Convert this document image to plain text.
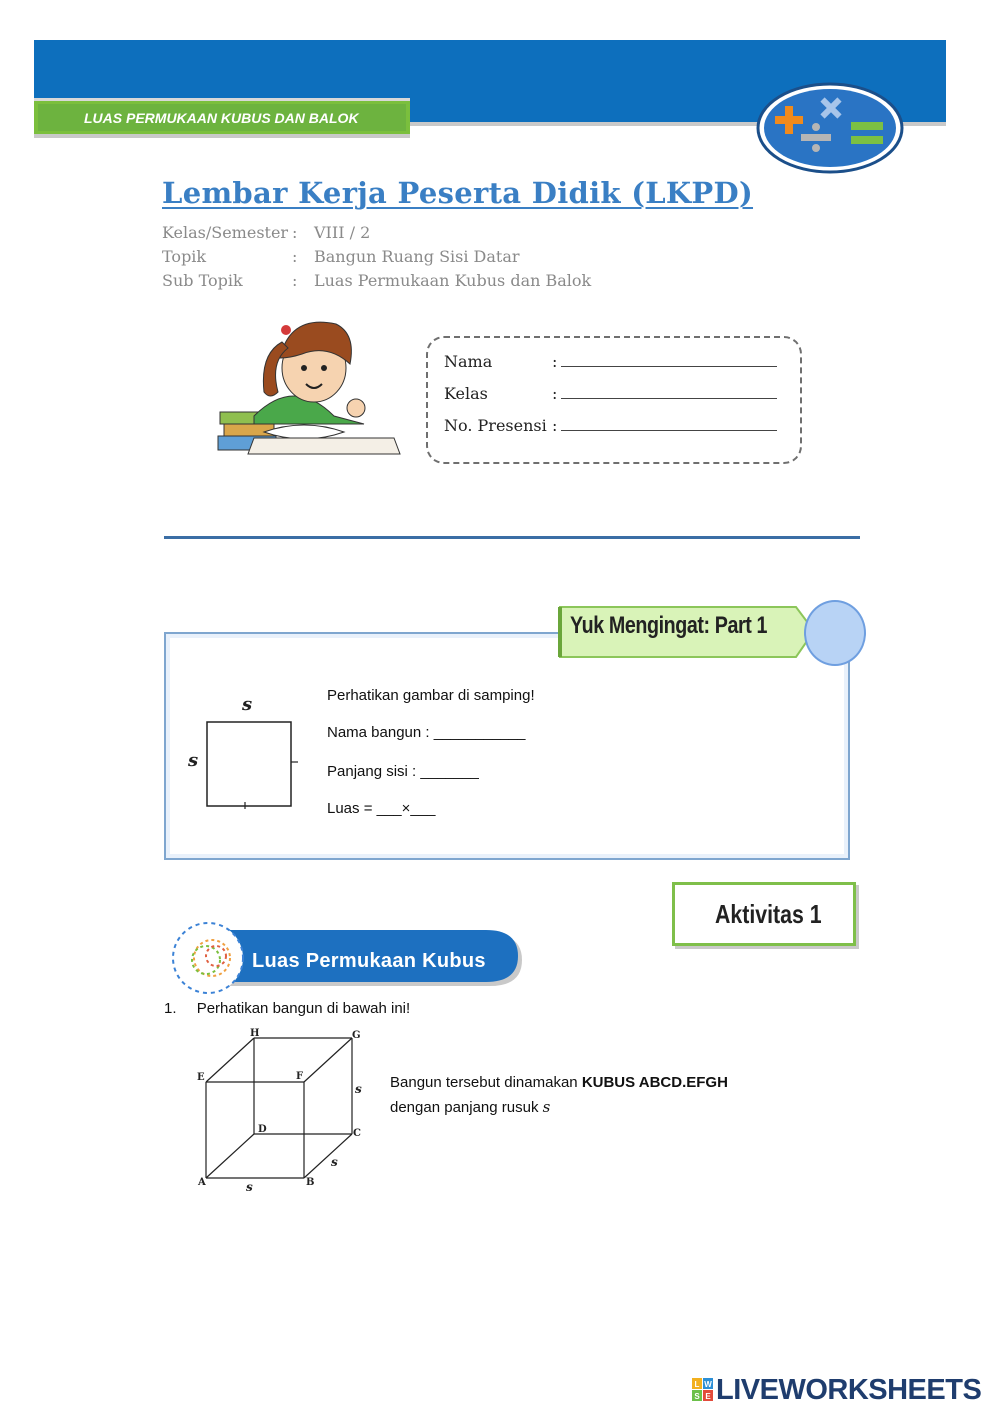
LUAS PERMUKAAN KUBUS DAN BALOK
Lembar Kerja Peserta Didik (LKPD)
Kelas/Semester : VIII / 2
Topik	: Bangun Ruang Sisi Datar
Sub Topik	: Luas Permukaan Kubus dan Balok
Nama	:
Kelas	:
No. Presensi :
Yuk Mengingat: Part 1
s
s
Perhatikan gambar di samping!
Nama bangun : ___________
Panjang sisi : _______
Luas = ___×___
Aktivitas 1
Luas Permukaan Kubus
1. Perhatikan bangun di bawah ini!
A	B
C
D
E	F
G
H
s
s
s
Bangun tersebut dinamakan KUBUS ABCD.EFGH
dengan panjang rusuk s
L W
S E LIVEWORKSHEETS
